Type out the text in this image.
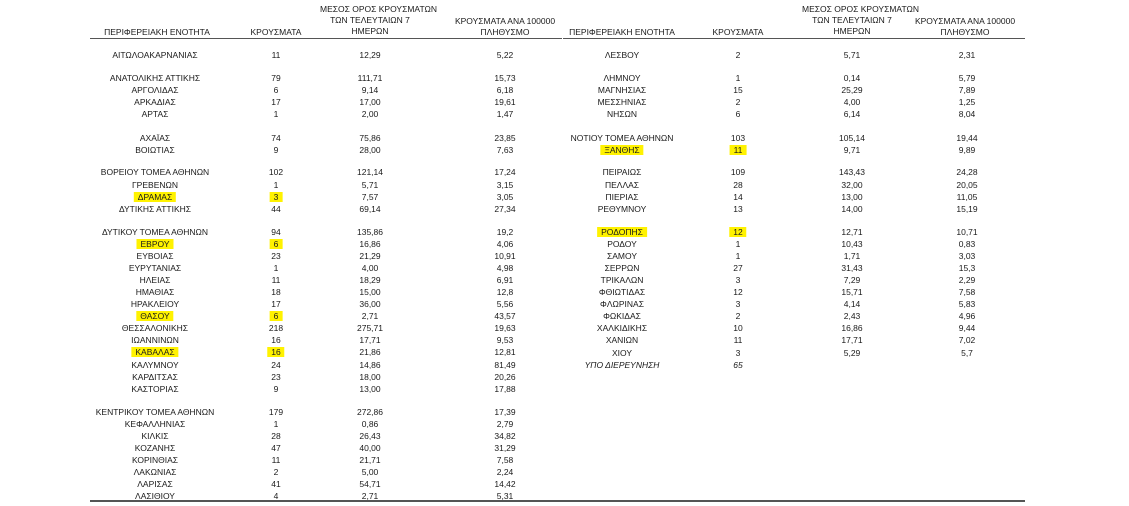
ΠΕΡΙΦΕΡΕΙΑΚΗ ΕΝΟΤΗΤΑ	ΚΡΟΥΣΜΑΤΑ
ΜΕΣΟΣ ΟΡΟΣ ΚΡΟΥΣΜΑΤΩΝ
ΤΩΝ ΤΕΛΕΥΤΑΙΩΝ 7
ΗΜΕΡΩΝ
ΚΡΟΥΣΜΑΤΑ ΑΝΑ 100000
ΠΛΗΘΥΣΜΟ	ΠΕΡΙΦΕΡΕΙΑΚΗ ΕΝΟΤΗΤΑ	ΚΡΟΥΣΜΑΤΑ
ΜΕΣΟΣ ΟΡΟΣ ΚΡΟΥΣΜΑΤΩΝ
ΤΩΝ ΤΕΛΕΥΤΑΙΩΝ 7
ΗΜΕΡΩΝ
ΚΡΟΥΣΜΑΤΑ ΑΝΑ 100000
ΠΛΗΘΥΣΜΟ
ΑΙΤΩΛΟΑΚΑΡΝΑΝΙΑΣ	11	12,29	5,22
ΑΝΑΤΟΛΙΚΗΣ ΑΤΤΙΚΗΣ	79	111,71	15,73
ΑΡΓΟΛΙΔΑΣ	6	9,14	6,18
ΑΡΚΑΔΙΑΣ	17	17,00	19,61
ΑΡΤΑΣ	1	2,00	1,47
ΑΧΑΪΑΣ	74	75,86	23,85
ΒΟΙΩΤΙΑΣ	9	28,00	7,63
ΒΟΡΕΙΟΥ ΤΟΜΕΑ ΑΘΗΝΩΝ	102	121,14	17,24
ΓΡΕΒΕΝΩΝ	1	5,71	3,15
ΔΡΑΜΑΣ	3	7,57	3,05
ΔΥΤΙΚΗΣ ΑΤΤΙΚΗΣ	44	69,14	27,34
ΔΥΤΙΚΟΥ ΤΟΜΕΑ ΑΘΗΝΩΝ	94	135,86	19,2
ΕΒΡΟΥ	6	16,86	4,06
ΕΥΒΟΙΑΣ	23	21,29	10,91
ΕΥΡΥΤΑΝΙΑΣ	1	4,00	4,98
ΗΛΕΙΑΣ	11	18,29	6,91
ΗΜΑΘΙΑΣ	18	15,00	12,8
ΗΡΑΚΛΕΙΟΥ	17	36,00	5,56
ΘΑΣΟΥ	6	2,71	43,57
ΘΕΣΣΑΛΟΝΙΚΗΣ	218	275,71	19,63
ΙΩΑΝΝΙΝΩΝ	16	17,71	9,53
ΚΑΒΑΛΑΣ	16	21,86	12,81
ΚΑΛΥΜΝΟΥ	24	14,86	81,49
ΚΑΡΔΙΤΣΑΣ	23	18,00	20,26
ΚΑΣΤΟΡΙΑΣ	9	13,00	17,88
ΚΕΝΤΡΙΚΟΥ ΤΟΜΕΑ ΑΘΗΝΩΝ	179	272,86	17,39
ΚΕΦΑΛΛΗΝΙΑΣ	1	0,86	2,79
ΚΙΛΚΙΣ	28	26,43	34,82
ΚΟΖΑΝΗΣ	47	40,00	31,29
ΚΟΡΙΝΘΙΑΣ	11	21,71	7,58
ΛΑΚΩΝΙΑΣ	2	5,00	2,24
ΛΑΡΙΣΑΣ	41	54,71	14,42
ΛΑΣΙΘΙΟΥ	4	2,71	5,31
ΛΕΣΒΟΥ	2	5,71	2,31
ΛΗΜΝΟΥ	1	0,14	5,79
ΜΑΓΝΗΣΙΑΣ	15	25,29	7,89
ΜΕΣΣΗΝΙΑΣ	2	4,00	1,25
ΝΗΣΩΝ	6	6,14	8,04
ΝΟΤΙΟΥ ΤΟΜΕΑ ΑΘΗΝΩΝ	103	105,14	19,44
ΞΑΝΘΗΣ	11	9,71	9,89
ΠΕΙΡΑΙΩΣ	109	143,43	24,28
ΠΕΛΛΑΣ	28	32,00	20,05
ΠΙΕΡΙΑΣ	14	13,00	11,05
ΡΕΘΥΜΝΟΥ	13	14,00	15,19
ΡΟΔΟΠΗΣ	12	12,71	10,71
ΡΟΔΟΥ	1	10,43	0,83
ΣΑΜΟΥ	1	1,71	3,03
ΣΕΡΡΩΝ	27	31,43	15,3
ΤΡΙΚΑΛΩΝ	3	7,29	2,29
ΦΘΙΩΤΙΔΑΣ	12	15,71	7,58
ΦΛΩΡΙΝΑΣ	3	4,14	5,83
ΦΩΚΙΔΑΣ	2	2,43	4,96
ΧΑΛΚΙΔΙΚΗΣ	10	16,86	9,44
ΧΑΝΙΩΝ	11	17,71	7,02
ΧΙΟΥ	3	5,29	5,7
ΥΠΟ ΔΙΕΡΕΥΝΗΣΗ	65
